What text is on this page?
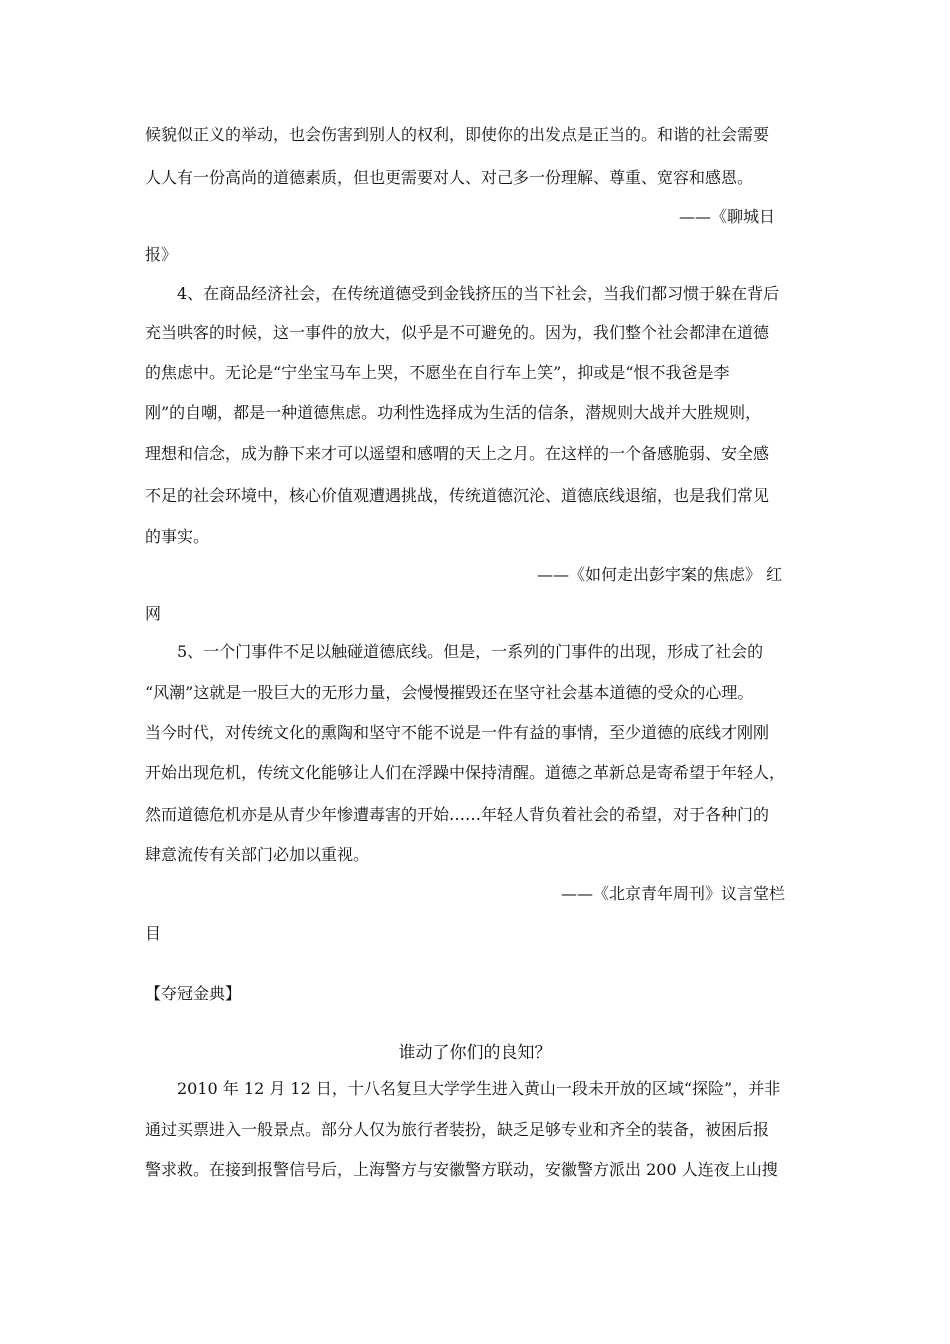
候貌似正义的举动，也会伤害到别人的权利，即使你的出发点是正当的。和谐的社会需要
人人有一份高尚的道德素质，但也更需要对人、对己多一份理解、尊重、宽容和感恩。
——《聊城日
报》
4、在商品经济社会，在传统道德受到金钱挤压的当下社会，当我们都习惯于躲在背后
充当哄客的时候，这一事件的放大，似乎是不可避免的。因为，我们整个社会都津在道德
的焦虑中。无论是“宁坐宝马车上哭，不愿坐在自行车上笑”，抑或是“恨不我爸是李
刚”的自嘲，都是一种道德焦虑。功利性选择成为生活的信条，潜规则大战并大胜规则，
理想和信念，成为静下来才可以遥望和感喟的天上之月。在这样的一个备感脆弱、安全感
不足的社会环境中，核心价值观遭遇挑战，传统道德沉沦、道德底线退缩，也是我们常见
的事实。
——《如何走出彭宇案的焦虑》 红
网
5、一个门事件不足以触碰道德底线。但是，一系列的门事件的出现，形成了社会的
“风潮”这就是一股巨大的无形力量，会慢慢摧毁还在坚守社会基本道德的受众的心理。
当今时代，对传统文化的熏陶和坚守不能不说是一件有益的事情，至少道德的底线才刚刚
开始出现危机，传统文化能够让人们在浮躁中保持清醒。道德之革新总是寄希望于年轻人，
然而道德危机亦是从青少年惨遭毒害的开始……年轻人背负着社会的希望，对于各种门的
肆意流传有关部门必加以重视。
——《北京青年周刊》议言堂栏
目
【夺冠金典】
谁动了你们的良知？
2010 年 12 月 12 日，十八名复旦大学学生进入黄山一段未开放的区域“探险”，并非
通过买票进入一般景点。部分人仅为旅行者装扮，缺乏足够专业和齐全的装备，被困后报
警求救。在接到报警信号后，上海警方与安徽警方联动，安徽警方派出 200 人连夜上山搜
